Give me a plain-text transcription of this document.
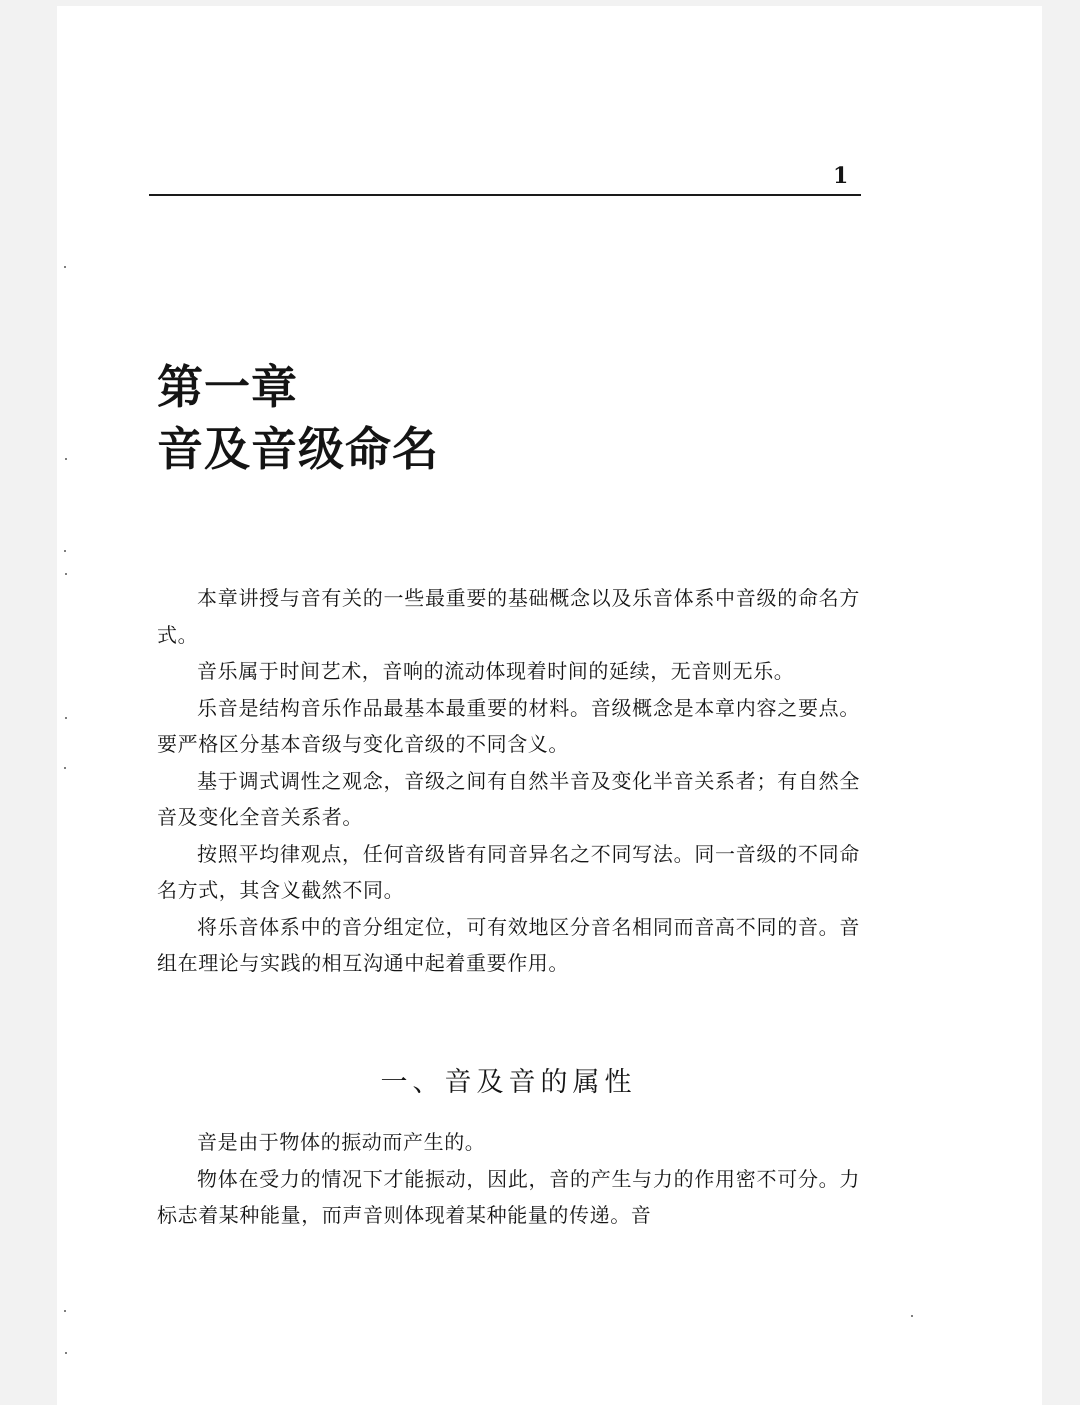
1
第一章
音及音级命名

本章讲授与音有关的一些最重要的基础概念以及乐音体系中音级的命名方式。

音乐属于时间艺术，音响的流动体现着时间的延续，无音则无乐。

乐音是结构音乐作品最基本最重要的材料。音级概念是本章内容之要点。要严格区分基本音级与变化音级的不同含义。

基于调式调性之观念，音级之间有自然半音及变化半音关系者；有自然全音及变化全音关系者。

按照平均律观点，任何音级皆有同音异名之不同写法。同一音级的不同命名方式，其含义截然不同。

将乐音体系中的音分组定位，可有效地区分音名相同而音高不同的音。音组在理论与实践的相互沟通中起着重要作用。

一、音及音的属性

音是由于物体的振动而产生的。

物体在受力的情况下才能振动，因此，音的产生与力的作用密不可分。力标志着某种能量，而声音则体现着某种能量的传递。音
